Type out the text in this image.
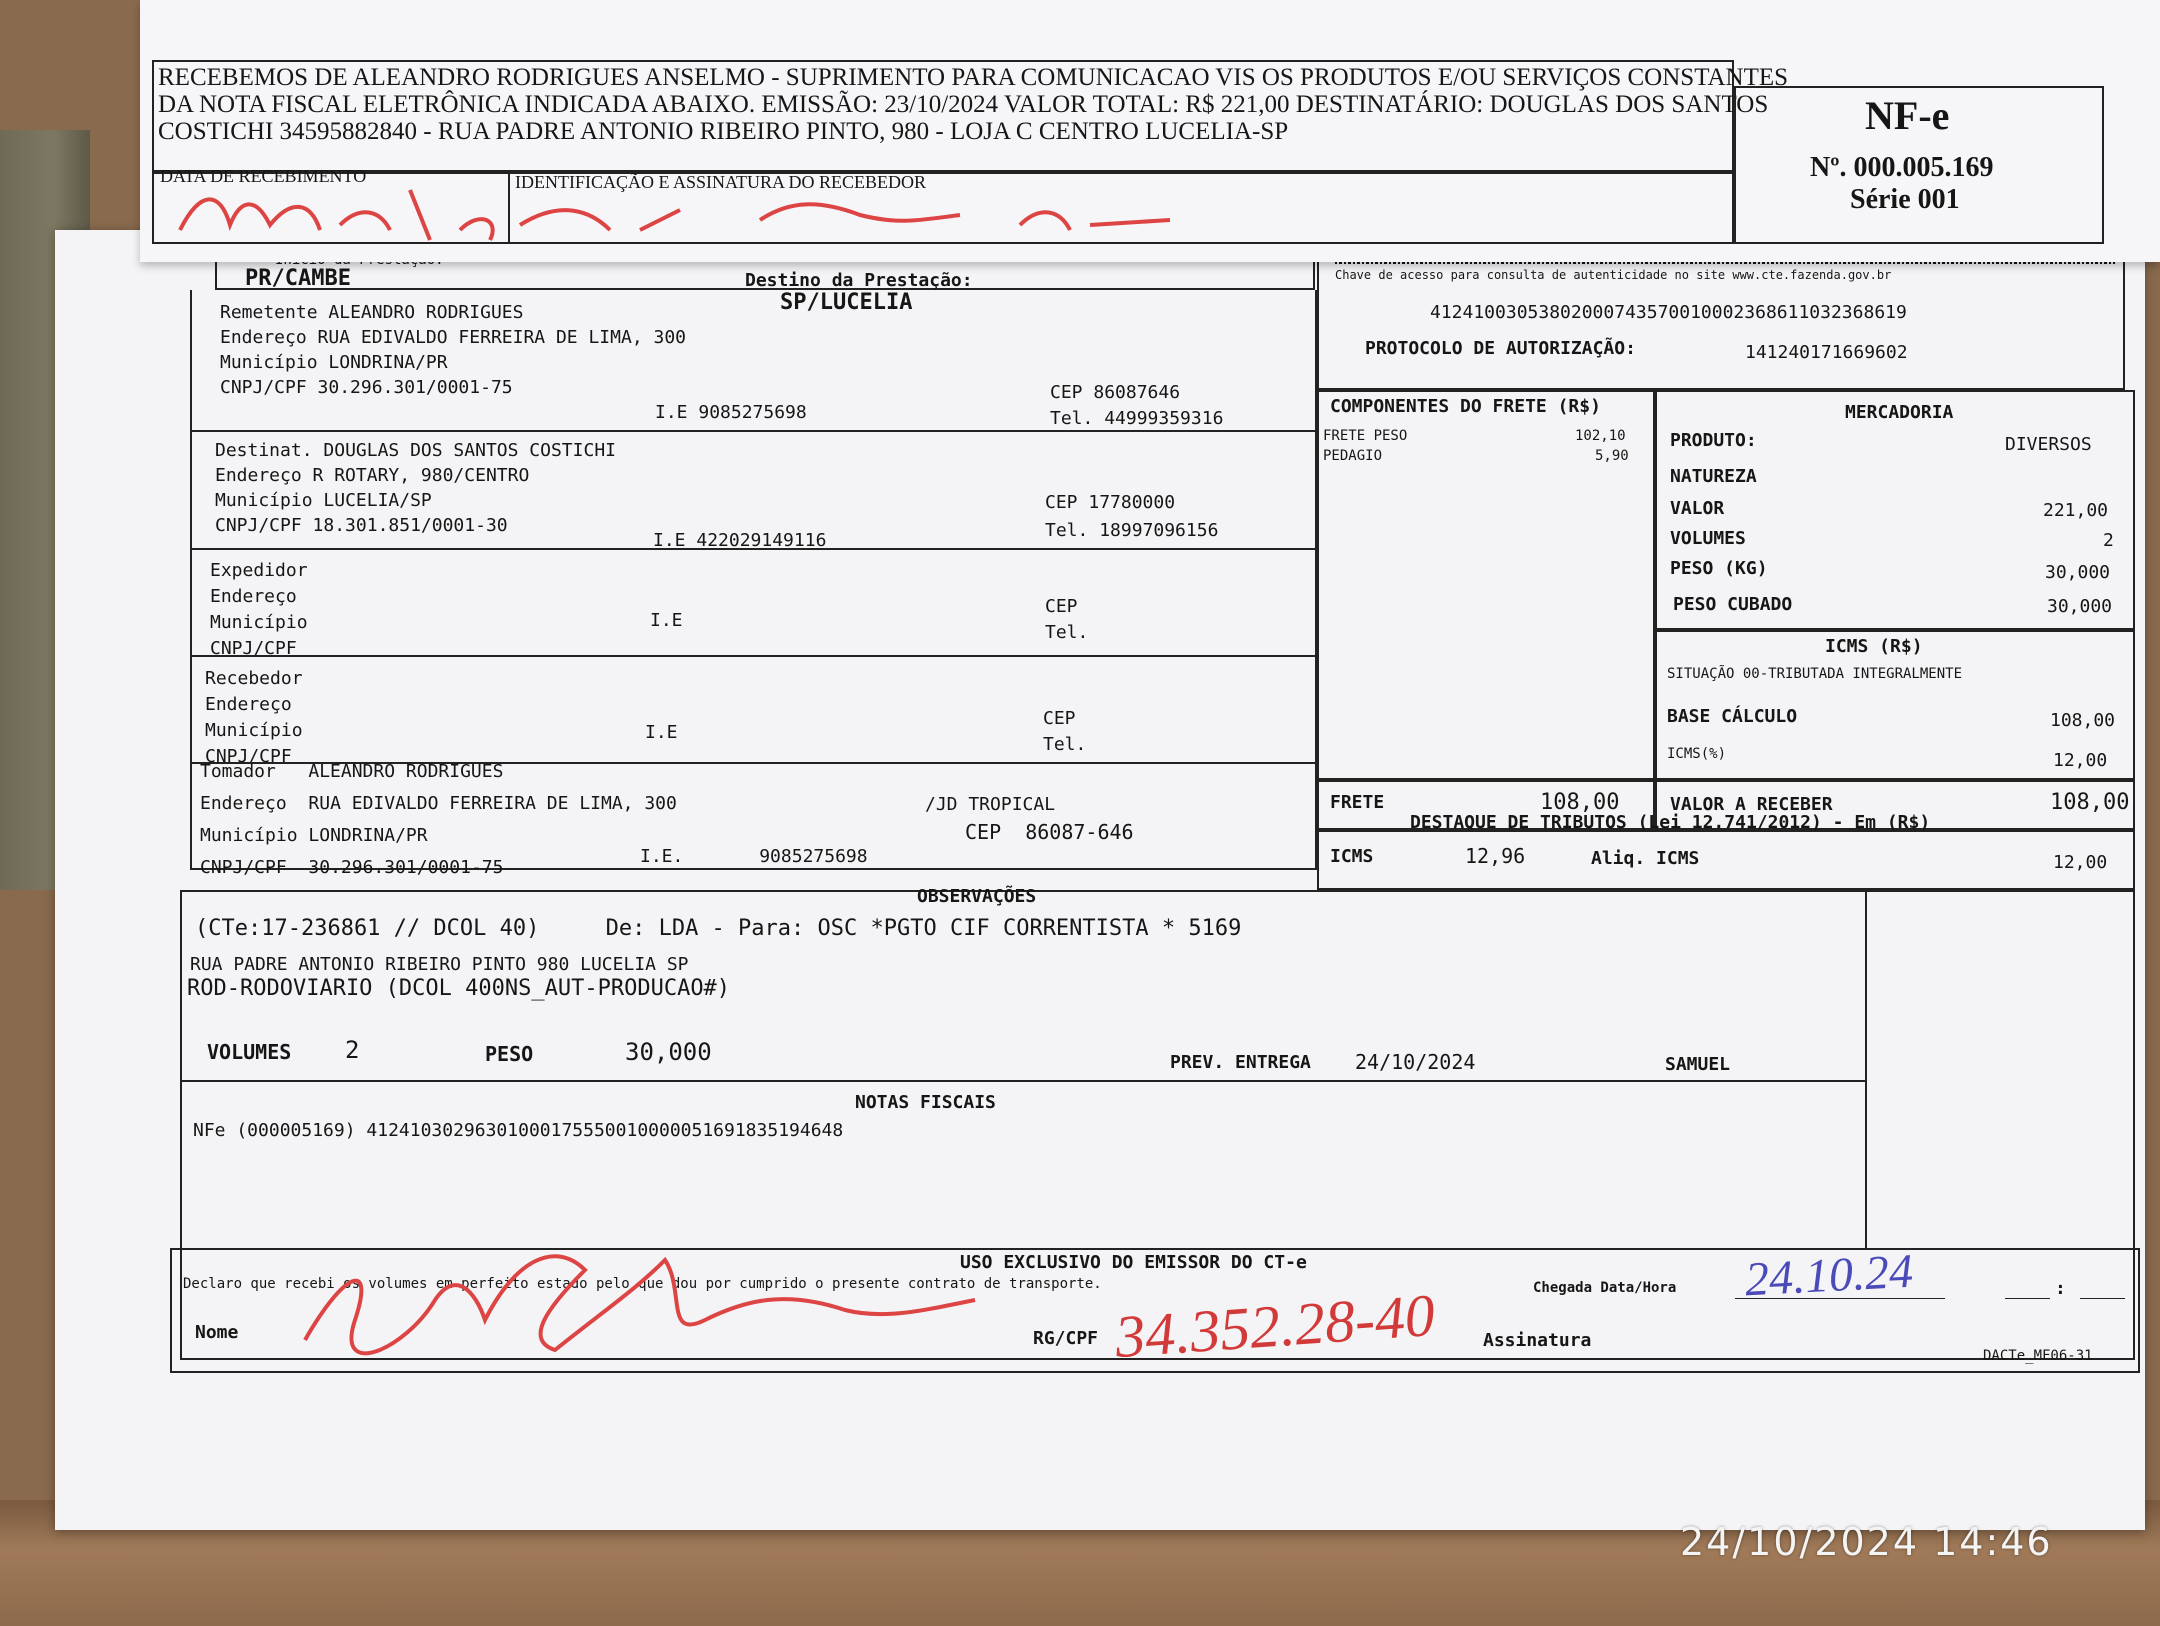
PR/CAMBE	Destino da Prestação:
SP/LUCELIA
Chave de acesso para consulta de autenticidade no site www.cte.fazenda.gov.br
41241003053802000743570010002368611032368619
PROTOCOLO DE AUTORIZAÇÃO:	141240171669602
Remetente ALEANDRO RODRIGUES
Endereço RUA EDIVALDO FERREIRA DE LIMA, 300
Município LONDRINA/PR
CNPJ/CPF 30.296.301/0001-75
I.E 9085275698
CEP 86087646
Tel. 44999359316
Destinat. DOUGLAS DOS SANTOS COSTICHI
Endereço R ROTARY, 980/CENTRO
Município LUCELIA/SP
CNPJ/CPF 18.301.851/0001-30
I.E 422029149116
CEP 17780000
Tel. 18997096156
Expedidor
Endereço
Município
CNPJ/CPF
I.E
CEP
Tel.
Recebedor
Endereço
Município
CNPJ/CPF
I.E
CEP
Tel.
Tomador ALEANDRO RODRIGUES
Endereço RUA EDIVALDO FERREIRA DE LIMA, 300
Município LONDRINA/PR
CNPJ/CPF 30.296.301/0001-75
/JD TROPICAL
CEP 86087-646
I.E.	9085275698
COMPONENTES DO FRETE (R$)
FRETE PESO	102,10
PEDAGIO	5,90
FRETE	108,00
MERCADORIA
PRODUTO:	DIVERSOS
NATUREZA
VALOR	221,00
VOLUMES	2
PESO (KG)	30,000
PESO CUBADO	30,000
ICMS (R$)
SITUAÇÃO 00-TRIBUTADA INTEGRALMENTE
BASE CÁLCULO	108,00
ICMS(%)	12,00
VALOR A RECEBER	108,00
DESTAQUE DE TRIBUTOS (Lei 12.741/2012) - Em (R$)
ICMS	12,96	Aliq. ICMS	12,00
OBSERVAÇÕES
(CTe:17-236861 // DCOL 40)     De: LDA - Para: OSC *PGTO CIF CORRENTISTA * 5169
RUA PADRE ANTONIO RIBEIRO PINTO 980 LUCELIA SP
ROD-RODOVIARIO (DCOL 400NS_AUT-PRODUCAO#)
VOLUMES 2	PESO	30,000	PREV. ENTREGA 24/10/2024	SAMUEL
NOTAS FISCAIS
NFe (000005169) 41241030296301000175550010000051691835194648
USO EXCLUSIVO DO EMISSOR DO CT-e
Declaro que recebi os volumes em perfeito estado pelo que dou por cumprido o presente contrato de transporte.	Chegada Data/Hora	:
Nome	RG/CPF	Assinatura
DACTe_MF06-31
24.10.24
34.352.28-40
RECEBEMOS DE ALEANDRO RODRIGUES ANSELMO - SUPRIMENTO PARA COMUNICACAO VIS OS PRODUTOS E/OU SERVIÇOS CONSTANTES
DA NOTA FISCAL ELETRÔNICA INDICADA ABAIXO. EMISSÃO: 23/10/2024 VALOR TOTAL: R$ 221,00 DESTINATÁRIO: DOUGLAS DOS SANTOS
COSTICHI 34595882840 - RUA PADRE ANTONIO RIBEIRO PINTO, 980 - LOJA C CENTRO LUCELIA-SP
DATA DE RECEBIMENTO	IDENTIFICAÇÃO E ASSINATURA DO RECEBEDOR
NF-e
Nº. 000.005.169
Série 001
24/10/2024 14:46
